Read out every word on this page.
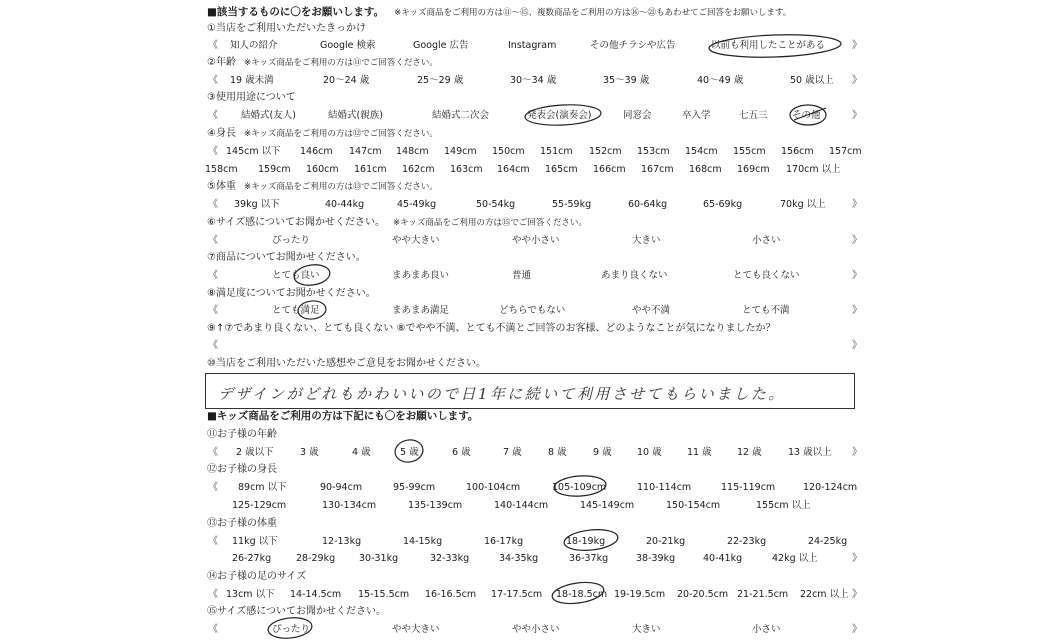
■該当するものに〇をお願いします。 ※キッズ商品をご利用の方は⑪〜⑮、複数商品をご利用の方は⑯〜㉑もあわせてご回答をお願いします。
①当店をご利用いただいたきっかけ
《 知人の紹介	Google 検索	Google 広告	Instagram	その他チラシや広告	以前も利用したことがある	》
②年齢 ※キッズ商品をご利用の方は⑪でご回答ください。
《 19 歳未満	20〜24 歳	25〜29 歳	30〜34 歳	35〜39 歳	40〜49 歳	50 歳以上 》
③使用用途について
《 結婚式(友人)	結婚式(親族)	結婚式二次会	発表会(演奏会)	同窓会	卒入学	七五三	その他	》
④身長 ※キッズ商品をご利用の方は⑫でご回答ください。
《 145cm 以下 146cm 147cm 148cm 149cm 150cm 151cm 152cm 153cm 154cm 155cm 156cm 157cm
158cm 159cm 160cm 161cm 162cm 163cm 164cm 165cm 166cm 167cm 168cm 169cm 170cm 以上
⑤体重 ※キッズ商品をご利用の方は⑬でご回答ください。
《 39kg 以下	40-44kg	45-49kg	50-54kg	55-59kg	60-64kg	65-69kg	70kg 以上	》
⑥サイズ感についてお聞かせください。 ※キッズ商品をご利用の方は⑮でご回答ください。
《	ぴったり	やや大きい	やや小さい	大きい	小さい	》
⑦商品についてお聞かせください。
《	とても良い	まあまあ良い	普通	あまり良くない	とても良くない	》
⑧満足度についてお聞かせください。
《	とても満足	まあまあ満足	どちらでもない	やや不満	とても不満	》
⑨↑⑦であまり良くない、とても良くない ⑧でやや不満、とても不満とご回答のお客様、どのようなことが気になりましたか？
《	》
⑩当店をご利用いただいた感想やご意見をお聞かせください。
デザインがどれもかわいいので日1年に続いて利用させてもらいました。
■キッズ商品をご利用の方は下記にも〇をお願いします。
⑪お子様の年齢
《 2 歳以下	3 歳	4 歳	5 歳	6 歳	7 歳	8 歳	9 歳	10 歳	11 歳	12 歳	13 歳以上 》
⑫お子様の身長
《 89cm 以下	90-94cm	95-99cm	100-104cm	105-109cm	110-114cm	115-119cm	120-124cm
125-129cm	130-134cm	135-139cm	140-144cm	145-149cm	150-154cm	155cm 以上
⑬お子様の体重
《 11kg 以下	12-13kg	14-15kg	16-17kg	18-19kg	20-21kg	22-23kg	24-25kg
26-27kg	28-29kg	30-31kg	32-33kg	34-35kg	36-37kg	38-39kg	40-41kg	42kg 以上	》
⑭お子様の足のサイズ
《 13cm 以下 14-14.5cm 15-15.5cm 16-16.5cm 17-17.5cm 18-18.5cm 19-19.5cm 20-20.5cm 21-21.5cm 22cm 以上 》
⑮サイズ感についてお聞かせください。
《	ぴったり	やや大きい	やや小さい	大きい	小さい	》
